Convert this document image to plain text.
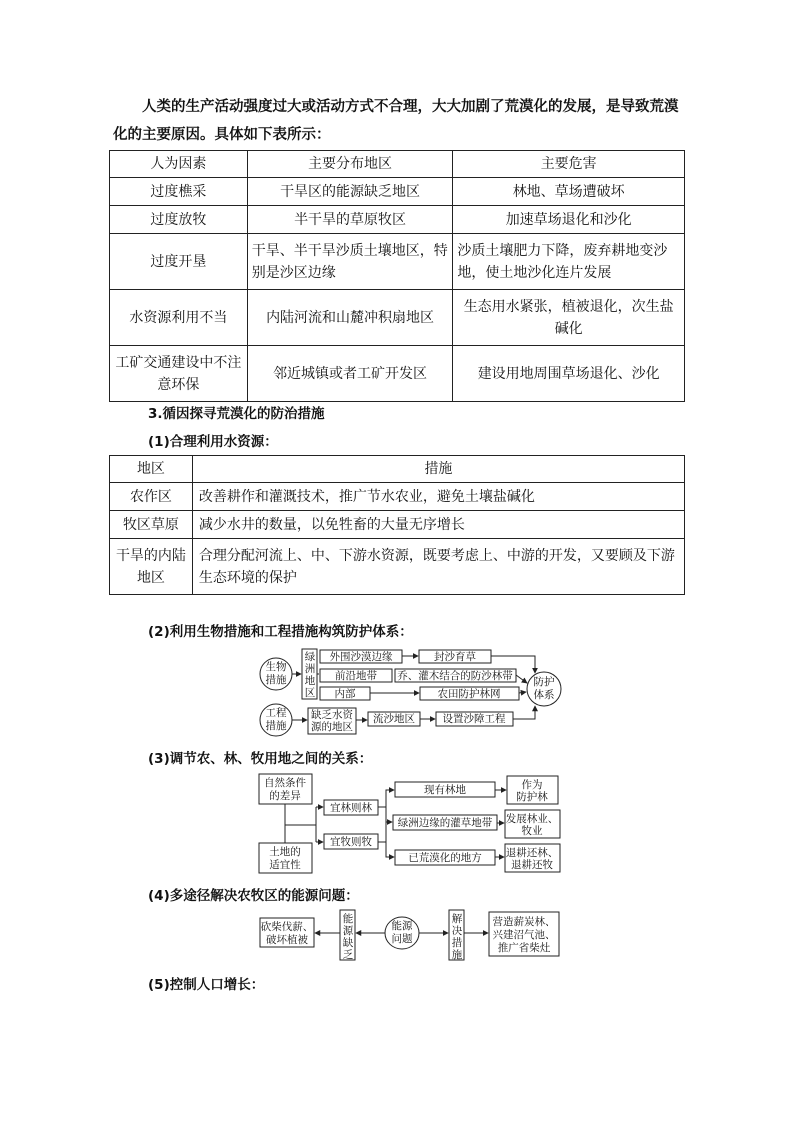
人类的生产活动强度过大或活动方式不合理，大大加剧了荒漠化的发展，是导致荒漠化的主要原因。具体如下表所示：

人为因素	主要分布地区	主要危害
过度樵采	干旱区的能源缺乏地区	林地、草场遭破坏
过度放牧	半干旱的草原牧区	加速草场退化和沙化
过度开垦	干旱、半干旱沙质土壤地区，特别是沙区边缘	沙质土壤肥力下降，废弃耕地变沙地，使土地沙化连片发展
水资源利用不当	内陆河流和山麓冲积扇地区	生态用水紧张，植被退化，次生盐碱化
工矿交通建设中不注意环保	邻近城镇或者工矿开发区	建设用地周围草场退化、沙化
3.循因探寻荒漠化的防治措施
(1)合理利用水资源：
地区	措施
农作区	改善耕作和灌溉技术，推广节水农业，避免土壤盐碱化
牧区草原	减少水井的数量，以免牲畜的大量无序增长
干旱的内陆地区	合理分配河流上、中、下游水资源，既要考虑上、中游的开发，又要顾及下游生态环境的保护
(2)利用生物措施和工程措施构筑防护体系：
(3)调节农、林、牧用地之间的关系：
(4)多途径解决农牧区的能源问题：
(5)控制人口增长：
生物
措施
绿
洲
地
区
外围沙漠边缘
前沿地带
内部
封沙育草
乔、灌木结合的防沙林带
农田防护林网
防护
体系
工程
措施
缺乏水资
源的地区
流沙地区	设置沙障工程
自然条件
的差异
土地的
适宜性
宜林则林
宜牧则牧
现有林地
绿洲边缘的灌草地带
已荒漠化的地方
作为
防护林
发展林业、
牧业
退耕还林、
退耕还牧
砍柴伐薪、
破坏植被
能
源
缺
乏
能源
问题
解
决
措
施
营造薪炭林、
兴建沼气池、
推广省柴灶
